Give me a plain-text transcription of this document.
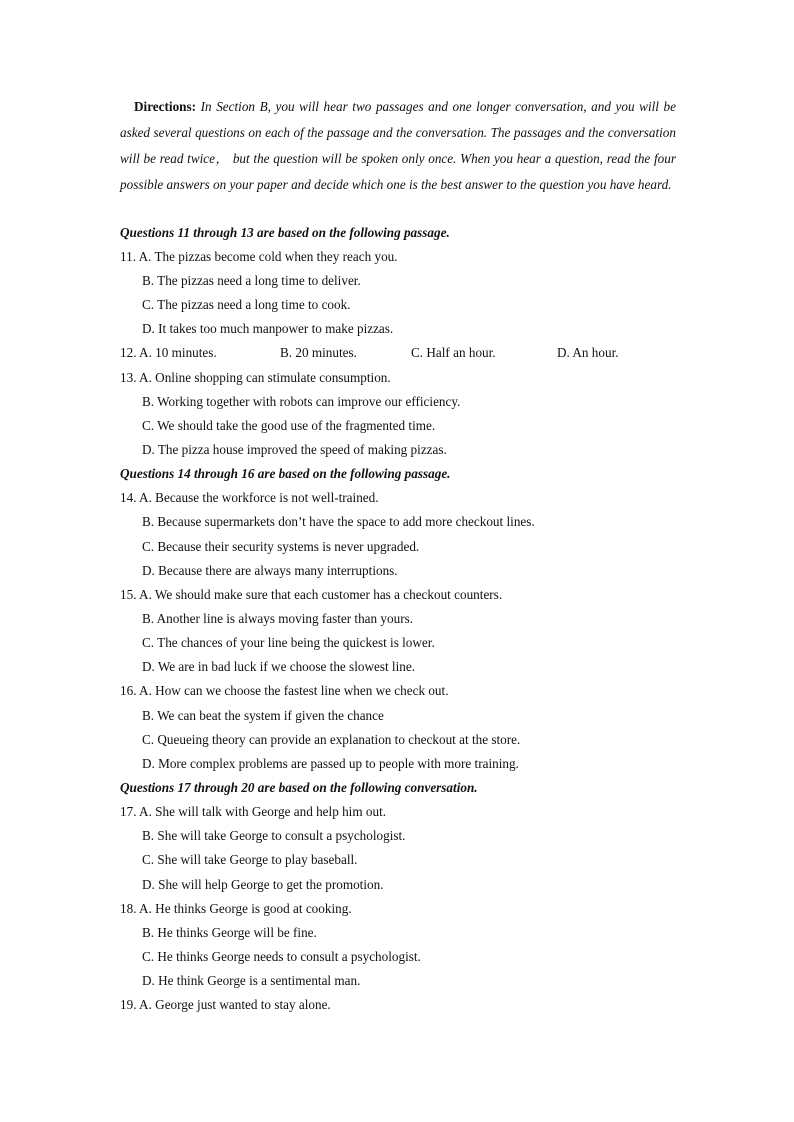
Directions: In Section B, you will hear two passages and one longer conversation, and you will be asked several questions on each of the passage and the conversation. The passages and the conversation will be read twice， but the question will be spoken only once. When you hear a question, read the four possible answers on your paper and decide which one is the best answer to the question you have heard.

Questions 11 through 13 are based on the following passage.
11. A. The pizzas become cold when they reach you.
B. The pizzas need a long time to deliver.
C. The pizzas need a long time to cook.
D. It takes too much manpower to make pizzas.
12. A. 10 minutes.	B. 20 minutes.	C. Half an hour.	D. An hour.
13. A. Online shopping can stimulate consumption.
B. Working together with robots can improve our efficiency.
C. We should take the good use of the fragmented time.
D. The pizza house improved the speed of making pizzas.
Questions 14 through 16 are based on the following passage.
14. A. Because the workforce is not well-trained.
B. Because supermarkets don’t have the space to add more checkout lines.
C. Because their security systems is never upgraded.
D. Because there are always many interruptions.
15. A. We should make sure that each customer has a checkout counters.
B. Another line is always moving faster than yours.
C. The chances of your line being the quickest is lower.
D. We are in bad luck if we choose the slowest line.
16. A. How can we choose the fastest line when we check out.
B. We can beat the system if given the chance
C. Queueing theory can provide an explanation to checkout at the store.
D. More complex problems are passed up to people with more training.
Questions 17 through 20 are based on the following conversation.
17. A. She will talk with George and help him out.
B. She will take George to consult a psychologist.
C. She will take George to play baseball.
D. She will help George to get the promotion.
18. A. He thinks George is good at cooking.
B. He thinks George will be fine.
C. He thinks George needs to consult a psychologist.
D. He think George is a sentimental man.
19. A. George just wanted to stay alone.
